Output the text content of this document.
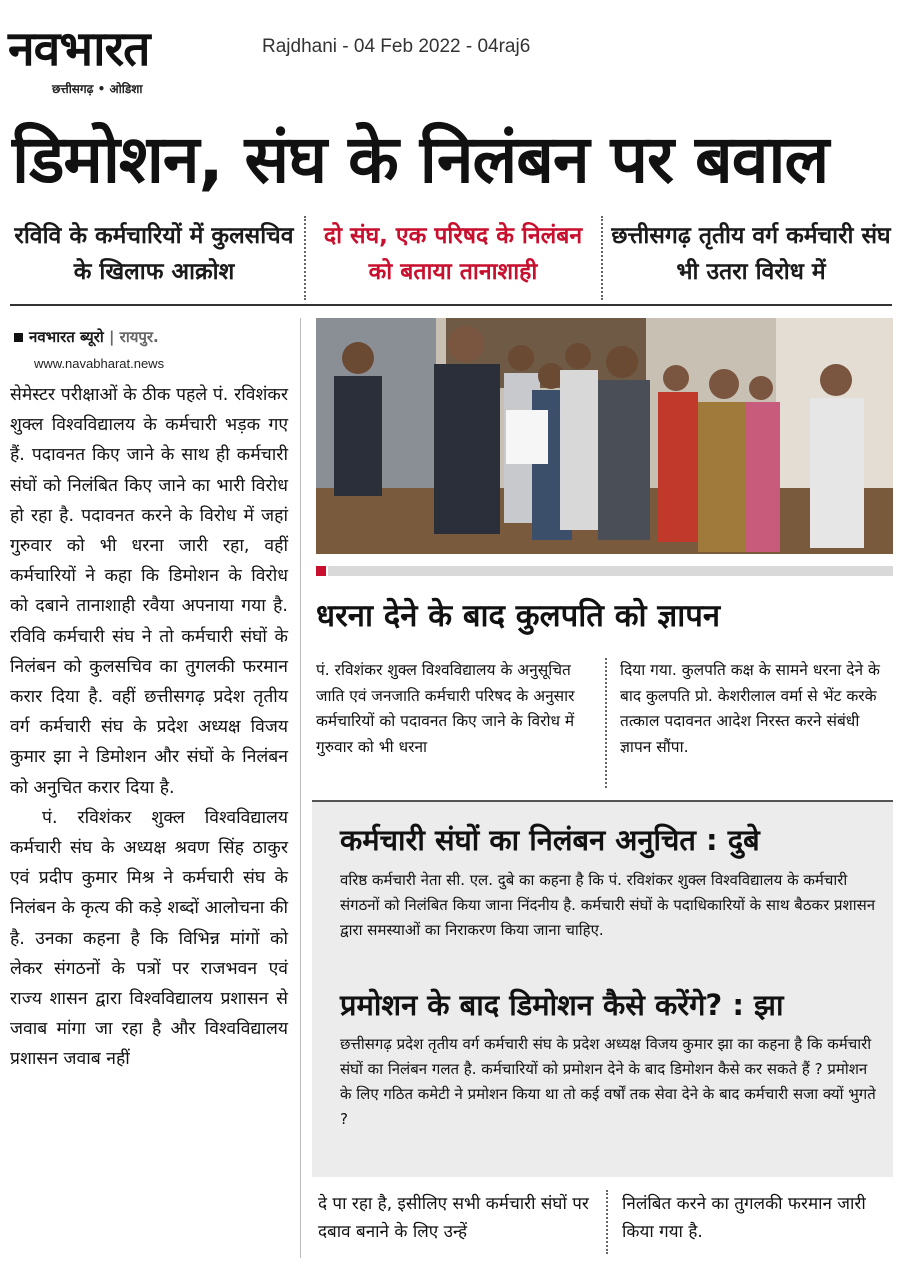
नवभारत
छत्तीसगढ़ • ओडिशा
Rajdhani - 04 Feb 2022 - 04raj6
डिमोशन, संघ के निलंबन पर बवाल
रविवि के कर्मचारियों में कुलसचिव के खिलाफ आक्रोश
दो संघ, एक परिषद के निलंबन को बताया तानाशाही
छत्तीसगढ़ तृतीय वर्ग कर्मचारी संघ भी उतरा विरोध में
नवभारत ब्यूरो | रायपुर.
www.navabharat.news

सेमेस्टर परीक्षाओं के ठीक पहले पं. रविशंकर शुक्ल विश्वविद्यालय के कर्मचारी भड़क गए हैं. पदावनत किए जाने के साथ ही कर्मचारी संघों को निलंबित किए जाने का भारी विरोध हो रहा है. पदावनत करने के विरोध में जहां गुरुवार को भी धरना जारी रहा, वहीं कर्मचारियों ने कहा कि डिमोशन के विरोध को दबाने तानाशाही रवैया अपनाया गया है. रविवि कर्मचारी संघ ने तो कर्मचारी संघों के निलंबन को कुलसचिव का तुगलकी फरमान करार दिया है. वहीं छत्तीसगढ़ प्रदेश तृतीय वर्ग कर्मचारी संघ के प्रदेश अध्यक्ष विजय कुमार झा ने डिमोशन और संघों के निलंबन को अनुचित करार दिया है.

पं. रविशंकर शुक्ल विश्वविद्यालय कर्मचारी संघ के अध्यक्ष श्रवण सिंह ठाकुर एवं प्रदीप कुमार मिश्र ने कर्मचारी संघ के निलंबन के कृत्य की कड़े शब्दों आलोचना की है. उनका कहना है कि विभिन्न मांगों को लेकर संगठनों के पत्रों पर राजभवन एवं राज्य शासन द्वारा विश्वविद्यालय प्रशासन से जवाब मांगा जा रहा है और विश्वविद्यालय प्रशासन जवाब नहीं

धरना देने के बाद कुलपति को ज्ञापन
पं. रविशंकर शुक्ल विश्वविद्यालय के अनुसूचित जाति एवं जनजाति कर्मचारी परिषद के अनुसार कर्मचारियों को पदावनत किए जाने के विरोध में गुरुवार को भी धरना
दिया गया. कुलपति कक्ष के सामने धरना देने के बाद कुलपति प्रो. केशरीलाल वर्मा से भेंट करके तत्काल पदावनत आदेश निरस्त करने संबंधी ज्ञापन सौंपा.
कर्मचारी संघों का निलंबन अनुचित : दुबे
वरिष्ठ कर्मचारी नेता सी. एल. दुबे का कहना है कि पं. रविशंकर शुक्ल विश्वविद्यालय के कर्मचारी संगठनों को निलंबित किया जाना निंदनीय है. कर्मचारी संघों के पदाधिकारियों के साथ बैठकर प्रशासन द्वारा समस्याओं का निराकरण किया जाना चाहिए.
प्रमोशन के बाद डिमोशन कैसे करेंगे? : झा
छत्तीसगढ़ प्रदेश तृतीय वर्ग कर्मचारी संघ के प्रदेश अध्यक्ष विजय कुमार झा का कहना है कि कर्मचारी संघों का निलंबन गलत है. कर्मचारियों को प्रमोशन देने के बाद डिमोशन कैसे कर सकते हैं ? प्रमोशन के लिए गठित कमेटी ने प्रमोशन किया था तो कई वर्षों तक सेवा देने के बाद कर्मचारी सजा क्यों भुगते ?
दे पा रहा है, इसीलिए सभी कर्मचारी संघों पर दबाव बनाने के लिए उन्हें
निलंबित करने का तुगलकी फरमान जारी किया गया है.
